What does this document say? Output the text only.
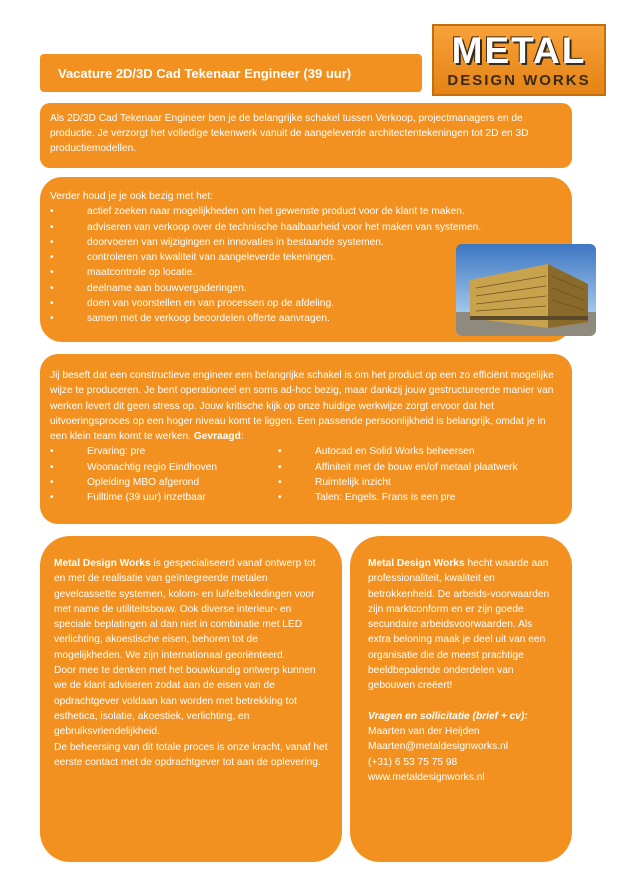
Vacature 2D/3D Cad Tekenaar Engineer (39 uur)
METAL
DESIGN WORKS

Als 2D/3D Cad Tekenaar Engineer ben je de belangrijke schakel tussen Verkoop, projectmanagers en de productie. Je verzorgt het volledige tekenwerk vanuit de aangeleverde architectentekeningen tot 2D en 3D productiemodellen.

Verder houd je je ook bezig met het:

• actief zoeken naar mogelijkheden om het gewenste product voor de klant te maken.
• adviseren van verkoop over de technische haalbaarheid voor het maken van systemen.
• doorvoeren van wijzigingen en innovaties in bestaande systemen.
• controleren van kwaliteit van aangeleverde tekeningen.
• maatcontrole op locatie.
• deelname aan bouwvergaderingen.
• doen van voorstellen en van processen op de afdeling.
• samen met de verkoop beoordelen offerte aanvragen.

Jij beseft dat een constructieve engineer een belangrijke schakel is om het product op een zo efficiënt mogelijke wijze te produceren. Je bent operationeel en soms ad-hoc bezig, maar dankzij jouw gestructureerde manier van werken levert dit geen stress op. Jouw kritische kijk op onze huidige werkwijze zorgt ervoor dat het uitvoeringsproces op een hoger niveau komt te liggen. Een passende persoonlijkheid is belangrijk, omdat je in een klein team komt te werken. Gevraagd:

• Ervaring: pre
• Woonachtig regio Eindhoven
• Opleiding MBO afgerond
• Fulltime (39 uur) inzetbaar
• Autocad en Solid Works beheersen
• Affiniteit met de bouw en/of metaal plaatwerk
• Ruimtelijk inzicht
• Talen: Engels. Frans is een pre

Metal Design Works is gespecialiseerd vanaf ontwerp tot en met de realisatie van geïntegreerde metalen gevelcassette systemen, kolom- en luifelbekledingen voor met name de utiliteitsbouw. Ook diverse interieur- en speciale beplatingen al dan niet in combinatie met LED verlichting, akoestische eisen, behoren tot de mogelijkheden. We zijn internationaal georiënteerd.

Door mee te denken met het bouwkundig ontwerp kunnen we de klant adviseren zodat aan de eisen van de opdrachtgever voldaan kan worden met betrekking tot esthetica, isolatie, akoestiek, verlichting, en gebruiksvriendelijkheid.

De beheersing van dit totale proces is onze kracht, vanaf het eerste contact met de opdrachtgever tot aan de oplevering.

Metal Design Works hecht waarde aan professionaliteit, kwaliteit en betrokkenheid. De arbeids-voorwaarden zijn marktconform en er zijn goede secundaire arbeidsvoorwaarden. Als extra beloning maak je deel uit van een organisatie die de meest prachtige beeldbepalende onderdelen van gebouwen creëert!

Vragen en sollicitatie (brief + cv):

Maarten van der Heijden

Maarten@metaldesignworks.nl

(+31) 6 53 75 75 98

www.metaldesignworks.nl
